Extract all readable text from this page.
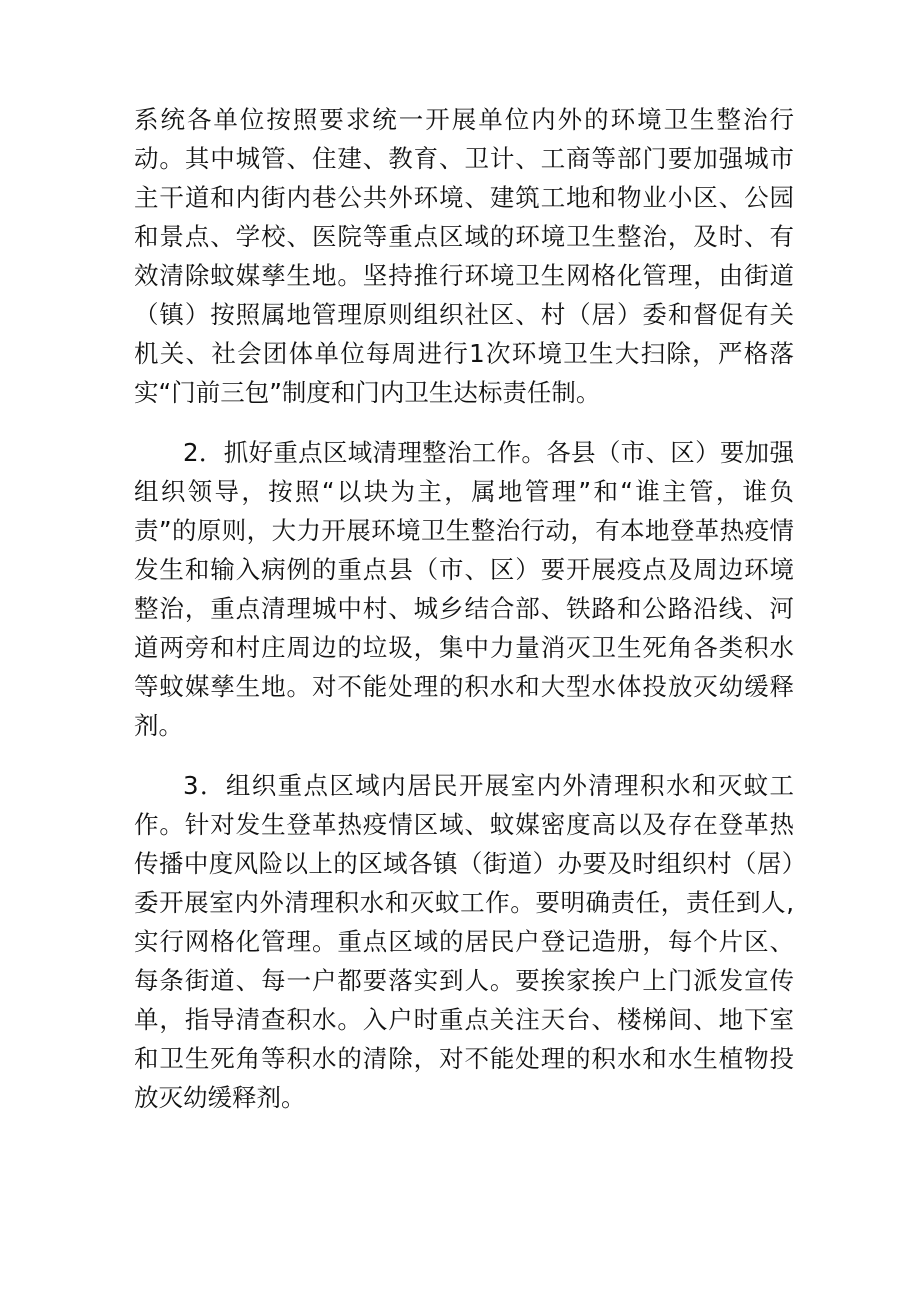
系统各单位按照要求统一开展单位内外的环境卫生整治行动。其中城管、住建、教育、卫计、工商等部门要加强城市主干道和内街内巷公共外环境、建筑工地和物业小区、公园和景点、学校、医院等重点区域的环境卫生整治，及时、有效清除蚊媒孳生地。坚持推行环境卫生网格化管理，由街道（镇）按照属地管理原则组织社区、村（居）委和督促有关机关、社会团体单位每周进行1次环境卫生大扫除，严格落实“门前三包”制度和门内卫生达标责任制。

2．抓好重点区域清理整治工作。各县（市、区）要加强组织领导，按照“以块为主，属地管理”和“谁主管，谁负责”的原则，大力开展环境卫生整治行动，有本地登革热疫情发生和输入病例的重点县（市、区）要开展疫点及周边环境整治，重点清理城中村、城乡结合部、铁路和公路沿线、河道两旁和村庄周边的垃圾，集中力量消灭卫生死角各类积水等蚊媒孳生地。对不能处理的积水和大型水体投放灭幼缓释剂。

3．组织重点区域内居民开展室内外清理积水和灭蚊工作。针对发生登革热疫情区域、蚊媒密度高以及存在登革热传播中度风险以上的区域各镇（街道）办要及时组织村（居）委开展室内外清理积水和灭蚊工作。要明确责任，责任到人,实行网格化管理。重点区域的居民户登记造册，每个片区、每条街道、每一户都要落实到人。要挨家挨户上门派发宣传单，指导清查积水。入户时重点关注天台、楼梯间、地下室和卫生死角等积水的清除，对不能处理的积水和水生植物投放灭幼缓释剂。
